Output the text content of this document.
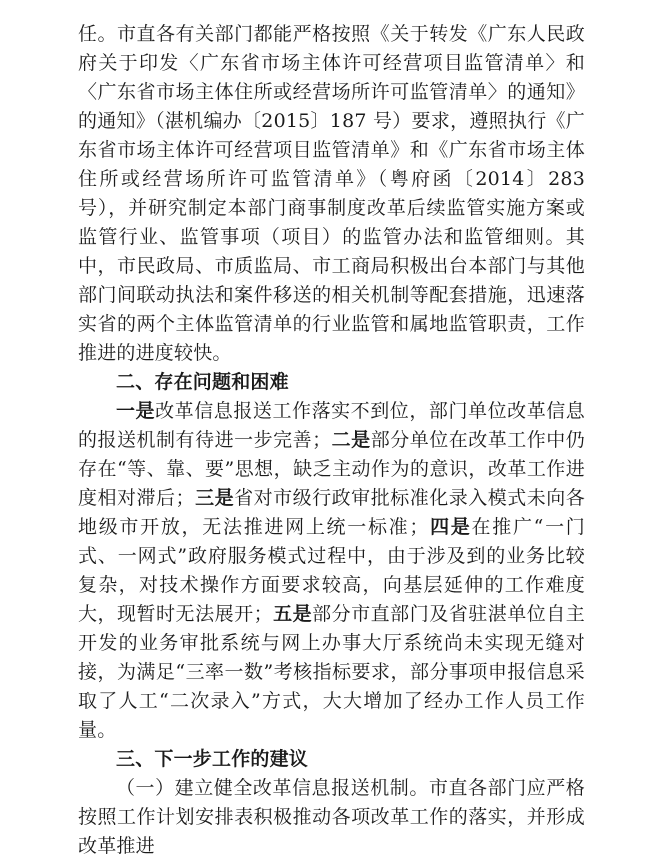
任。市直各有关部门都能严格按照《关于转发《广东人民政府关于印发〈广东省市场主体许可经营项目监管清单〉和〈广东省市场主体住所或经营场所许可监管清单〉的通知》的通知》（湛机编办〔2015〕187 号）要求，遵照执行《广东省市场主体许可经营项目监管清单》和《广东省市场主体住所或经营场所许可监管清单》（粤府函〔2014〕283 号），并研究制定本部门商事制度改革后续监管实施方案或监管行业、监管事项（项目）的监管办法和监管细则。其中，市民政局、市质监局、市工商局积极出台本部门与其他部门间联动执法和案件移送的相关机制等配套措施，迅速落实省的两个主体监管清单的行业监管和属地监管职责，工作推进的进度较快。

二、存在问题和困难

一是改革信息报送工作落实不到位，部门单位改革信息的报送机制有待进一步完善；二是部分单位在改革工作中仍存在“等、靠、要”思想，缺乏主动作为的意识，改革工作进度相对滞后；三是省对市级行政审批标准化录入模式未向各地级市开放，无法推进网上统一标准；四是在推广“一门式、一网式”政府服务模式过程中，由于涉及到的业务比较复杂，对技术操作方面要求较高，向基层延伸的工作难度大，现暂时无法展开；五是部分市直部门及省驻湛单位自主开发的业务审批系统与网上办事大厅系统尚未实现无缝对接，为满足“三率一数”考核指标要求，部分事项申报信息采取了人工“二次录入”方式，大大增加了经办工作人员工作量。

三、下一步工作的建议

（一）建立健全改革信息报送机制。市直各部门应严格按照工作计划安排表积极推动各项改革工作的落实，并形成改革推进
